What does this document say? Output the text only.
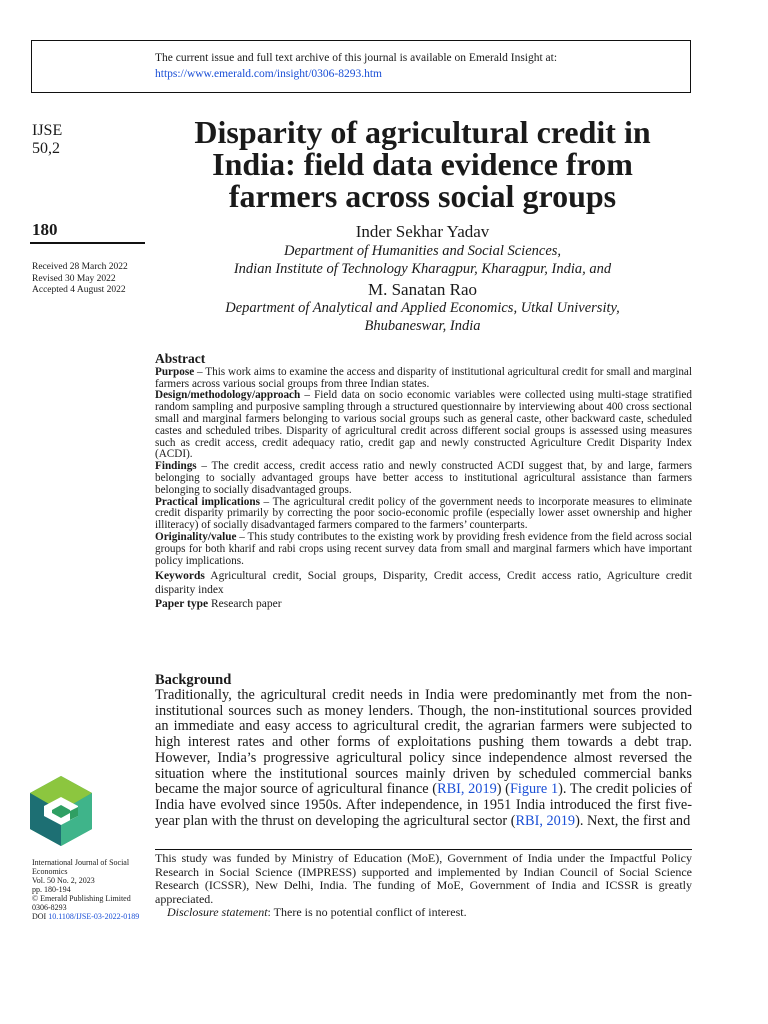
The current issue and full text archive of this journal is available on Emerald Insight at:
https://www.emerald.com/insight/0306-8293.htm
IJSE
50,2
180
Received 28 March 2022
Revised 30 May 2022
Accepted 4 August 2022
Disparity of agricultural credit in India: field data evidence from farmers across social groups
Inder Sekhar Yadav
Department of Humanities and Social Sciences,
Indian Institute of Technology Kharagpur, Kharagpur, India, and
M. Sanatan Rao
Department of Analytical and Applied Economics, Utkal University,
Bhubaneswar, India
Abstract

Purpose – This work aims to examine the access and disparity of institutional agricultural credit for small and marginal farmers across various social groups from three Indian states.

Design/methodology/approach – Field data on socio economic variables were collected using multi-stage stratified random sampling and purposive sampling through a structured questionnaire by interviewing about 400 cross sectional small and marginal farmers belonging to various social groups such as general caste, other backward caste, scheduled castes and scheduled tribes. Disparity of agricultural credit across different social groups is assessed using measures such as credit access, credit adequacy ratio, credit gap and newly constructed Agriculture Credit Disparity Index (ACDI).

Findings – The credit access, credit access ratio and newly constructed ACDI suggest that, by and large, farmers belonging to socially advantaged groups have better access to institutional agricultural assistance than farmers belonging to socially disadvantaged groups.

Practical implications – The agricultural credit policy of the government needs to incorporate measures to eliminate credit disparity primarily by correcting the poor socio-economic profile (especially lower asset ownership and higher illiteracy) of socially disadvantaged farmers compared to the farmers’ counterparts.

Originality/value – This study contributes to the existing work by providing fresh evidence from the field across social groups for both kharif and rabi crops using recent survey data from small and marginal farmers which have important policy implications.

Keywords Agricultural credit, Social groups, Disparity, Credit access, Credit access ratio, Agriculture credit disparity index

Paper type Research paper

Background

Traditionally, the agricultural credit needs in India were predominantly met from the non-institutional sources such as money lenders. Though, the non-institutional sources provided an immediate and easy access to agricultural credit, the agrarian farmers were subjected to high interest rates and other forms of exploitations pushing them towards a debt trap. However, India’s progressive agricultural policy since independence almost reversed the situation where the institutional sources mainly driven by scheduled commercial banks became the major source of agricultural finance (RBI, 2019) (Figure 1). The credit policies of India have evolved since 1950s. After independence, in 1951 India introduced the first five-year plan with the thrust on developing the agricultural sector (RBI, 2019). Next, the first and

International Journal of Social
Economics
Vol. 50 No. 2, 2023
pp. 180-194
© Emerald Publishing Limited
0306-8293
DOI 10.1108/IJSE-03-2022-0189

This study was funded by Ministry of Education (MoE), Government of India under the Impactful Policy Research in Social Science (IMPRESS) supported and implemented by Indian Council of Social Science Research (ICSSR), New Delhi, India. The funding of MoE, Government of India and ICSSR is greatly appreciated.

Disclosure statement: There is no potential conflict of interest.
